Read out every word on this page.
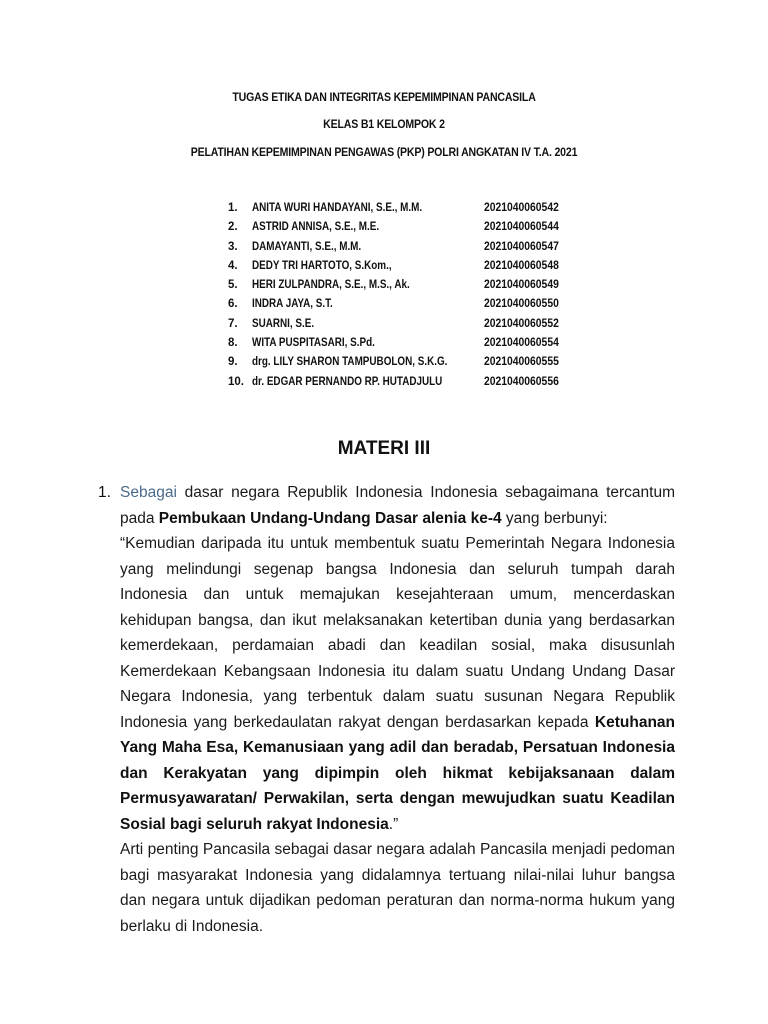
TUGAS ETIKA DAN INTEGRITAS KEPEMIMPINAN PANCASILA
KELAS B1 KELOMPOK 2
PELATIHAN KEPEMIMPINAN PENGAWAS (PKP) POLRI ANGKATAN IV T.A. 2021
1. ANITA WURI HANDAYANI, S.E., M.M.	2021040060542
2. ASTRID ANNISA, S.E., M.E.	2021040060544
3. DAMAYANTI, S.E., M.M.	2021040060547
4. DEDY TRI HARTOTO, S.Kom.,	2021040060548
5. HERI ZULPANDRA, S.E., M.S., Ak.	2021040060549
6. INDRA JAYA, S.T.	2021040060550
7. SUARNI, S.E.	2021040060552
8. WITA PUSPITASARI, S.Pd.	2021040060554
9. drg. LILY SHARON TAMPUBOLON, S.K.G.	2021040060555
10. dr. EDGAR PERNANDO RP. HUTADJULU	2021040060556
MATERI III
1. Sebagai dasar negara Republik Indonesia Indonesia sebagaimana tercantum pada Pembukaan Undang-Undang Dasar alenia ke-4 yang berbunyi:

“Kemudian daripada itu untuk membentuk suatu Pemerintah Negara Indonesia yang melindungi segenap bangsa Indonesia dan seluruh tumpah darah Indonesia dan untuk memajukan kesejahteraan umum, mencerdaskan kehidupan bangsa, dan ikut melaksanakan ketertiban dunia yang berdasarkan kemerdekaan, perdamaian abadi dan keadilan sosial, maka disusunlah Kemerdekaan Kebangsaan Indonesia itu dalam suatu Undang Undang Dasar Negara Indonesia, yang terbentuk dalam suatu susunan Negara Republik Indonesia yang berkedaulatan rakyat dengan berdasarkan kepada Ketuhanan Yang Maha Esa, Kemanusiaan yang adil dan beradab, Persatuan Indonesia dan Kerakyatan yang dipimpin oleh hikmat kebijaksanaan dalam Permusyawaratan/ Perwakilan, serta dengan mewujudkan suatu Keadilan Sosial bagi seluruh rakyat Indonesia.”

Arti penting Pancasila sebagai dasar negara adalah Pancasila menjadi pedoman bagi masyarakat Indonesia yang didalamnya tertuang nilai-nilai luhur bangsa dan negara untuk dijadikan pedoman peraturan dan norma-norma hukum yang berlaku di Indonesia.
